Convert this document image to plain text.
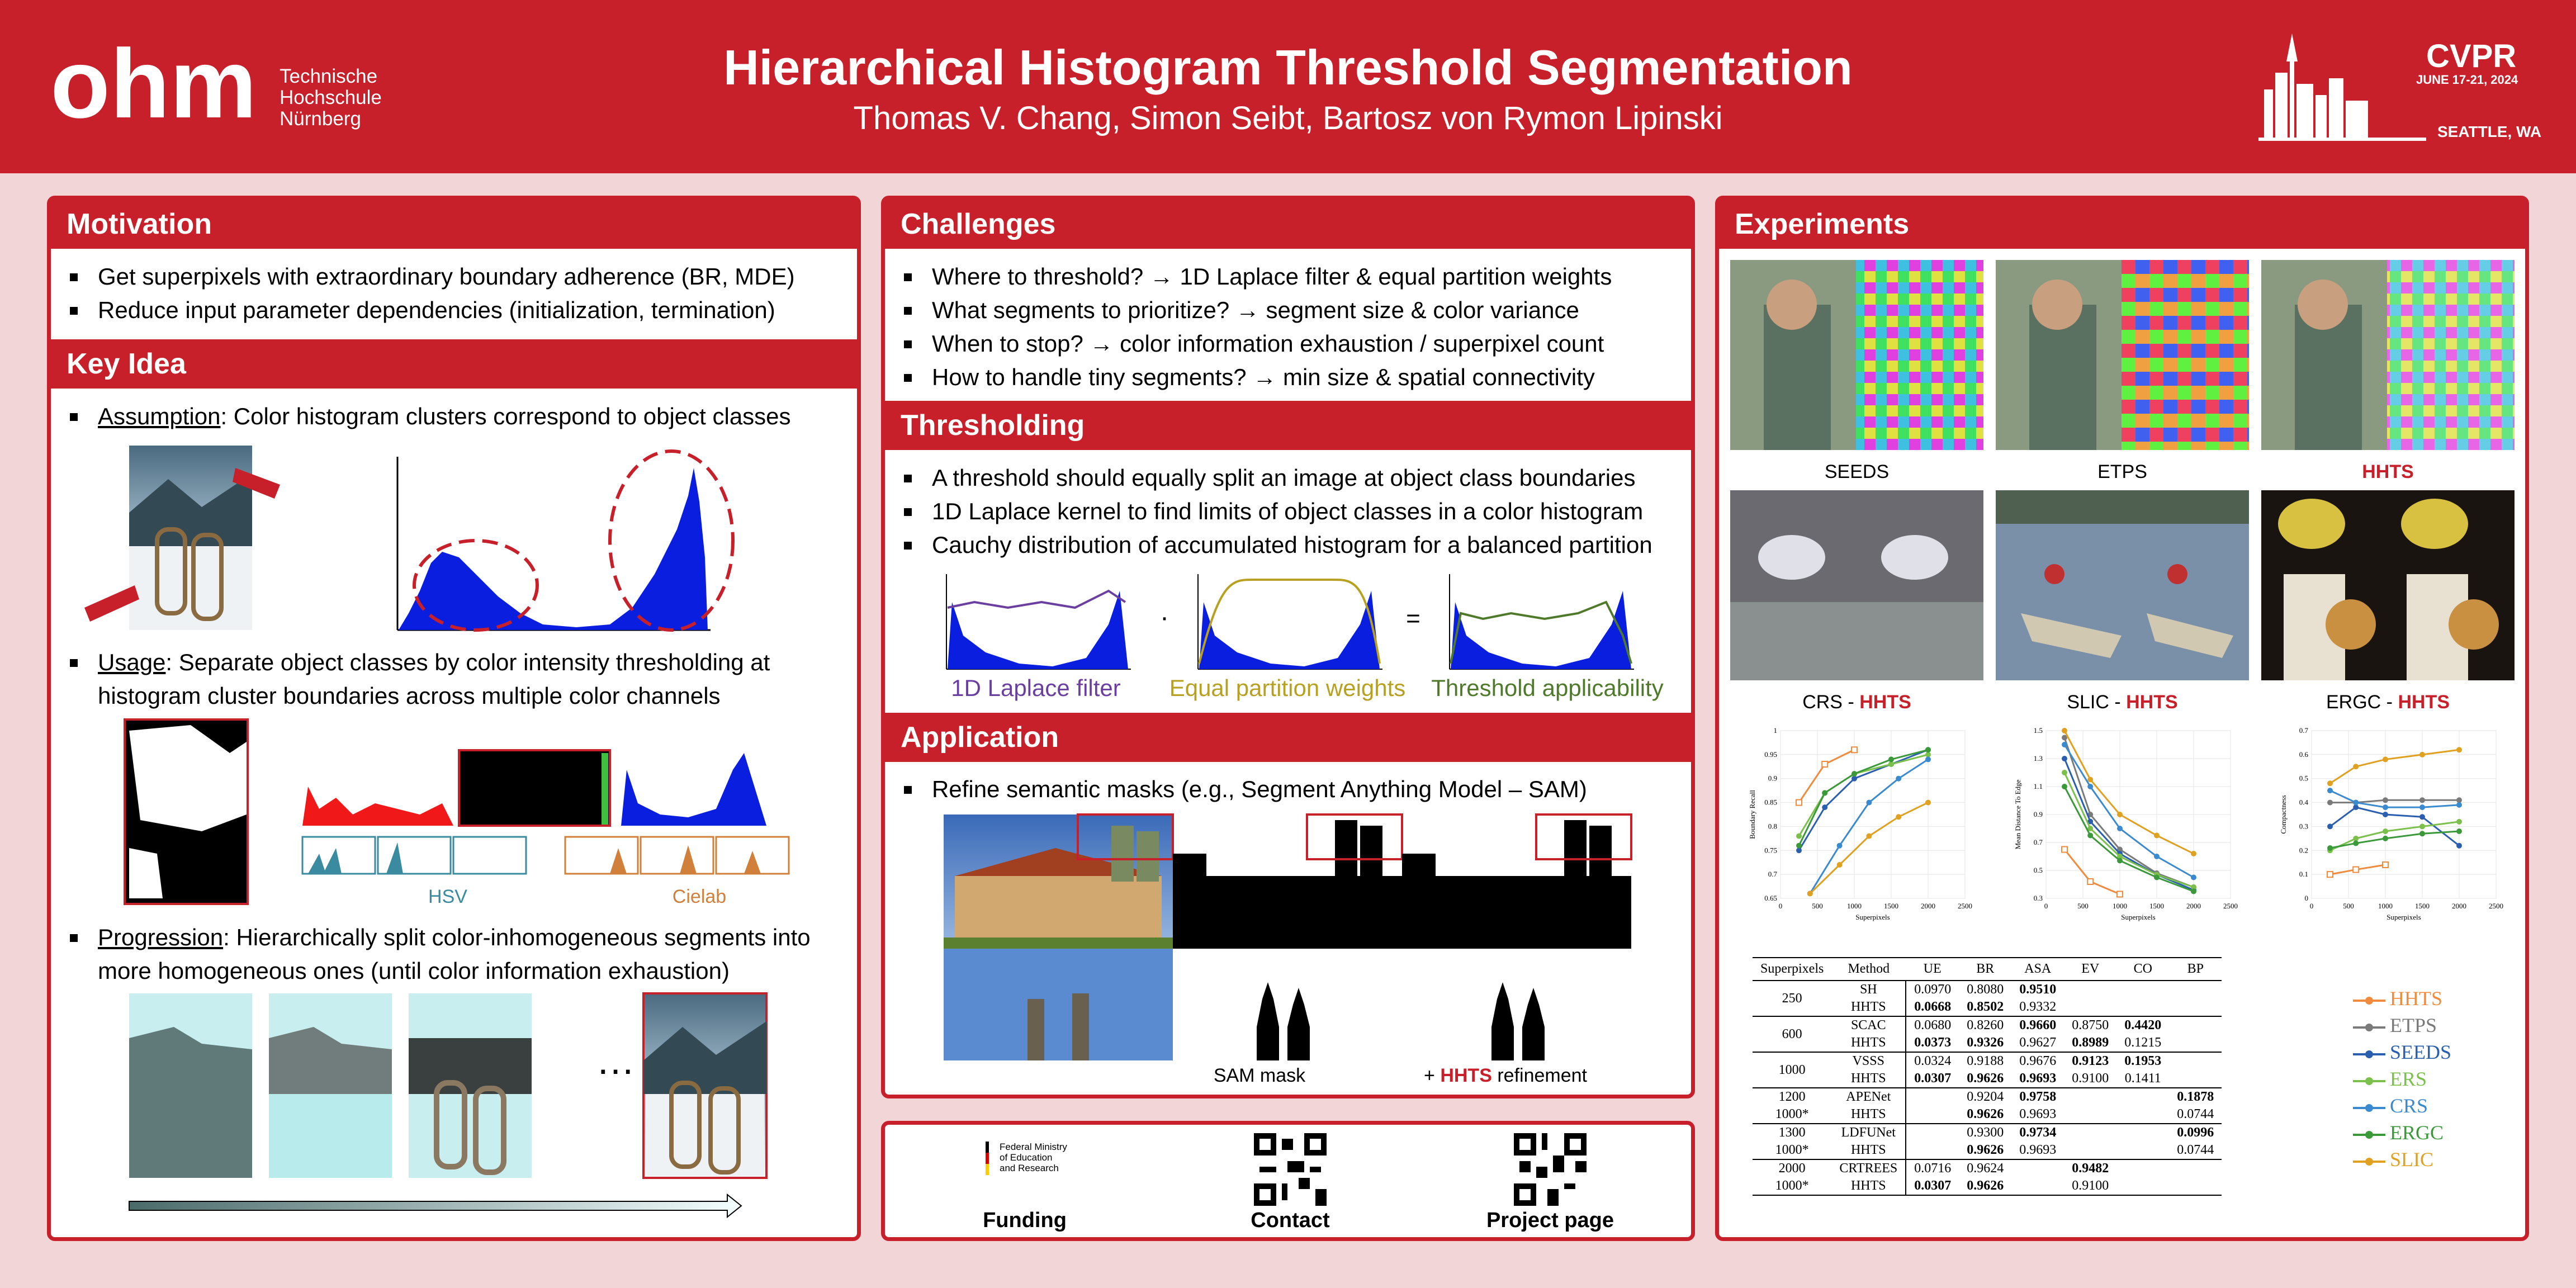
ohm Technische
Hochschule
Nürnberg
Hierarchical Histogram Threshold Segmentation
Thomas V. Chang, Simon Seibt, Bartosz von Rymon Lipinski
CVPR
JUNE 17-21, 2024
SEATTLE, WA
Motivation
Get superpixels with extraordinary boundary adherence (BR, MDE)
Reduce input parameter dependencies (initialization, termination)
Key Idea
Assumption: Color histogram clusters correspond to object classes
Usage: Separate object classes by color intensity thresholding at histogram cluster boundaries across multiple color channels
HSV	Cielab
Progression: Hierarchically split color-inhomogeneous segments into more homogeneous ones (until color information exhaustion)
…
Challenges
Where to threshold? → 1D Laplace filter & equal partition weights
What segments to prioritize? → segment size & color variance
When to stop? → color information exhaustion / superpixel count
How to handle tiny segments? → min size & spatial connectivity
Thresholding
A threshold should equally split an image at object class boundaries
1D Laplace kernel to find limits of object classes in a color histogram
Cauchy distribution of accumulated histogram for a balanced partition
·	=
1D Laplace filter	Equal partition weights	Threshold applicability
Application
Refine semantic masks (e.g., Segment Anything Model – SAM)
SAM mask	+ HHTS refinement
Federal Ministry
of Education
and Research
Funding	Contact	Project page
Experiments
SEEDS	ETPS	HHTS
CRS - HHTS	SLIC - HHTS	ERGC - HHTS
0	500	1000	1500	2000	2500
0.65
0.7
0.75
0.8
0.85
0.9
0.95
1
Superpixels
Boundary Recall
0	500	1000	1500	2000	2500
0.3
0.5
0.7
0.9
1.1
1.3
1.5
Superpixels
Mean Distance To Edge
0	500	1000	1500	2000	2500
0
0.1
0.2
0.3
0.4
0.5
0.6
0.7
Superpixels
Compactness
Superpixels	Method	UE	BR	ASA	EV	CO	BP
250	SH	0.0970	0.8080	0.9510			
	HHTS	0.0668	0.8502	0.9332			
600	SCAC	0.0680	0.8260	0.9660	0.8750	0.4420	
	HHTS	0.0373	0.9326	0.9627	0.8989	0.1215	
1000	VSSS	0.0324	0.9188	0.9676	0.9123	0.1953	
	HHTS	0.0307	0.9626	0.9693	0.9100	0.1411	
1200	APENet		0.9204	0.9758			0.1878
1000*	HHTS		0.9626	0.9693			0.0744
1300	LDFUNet		0.9300	0.9734			0.0996
1000*	HHTS		0.9626	0.9693			0.0744
2000	CRTREES	0.0716	0.9624		0.9482		
1000*	HHTS	0.0307	0.9626		0.9100		
HHTS
ETPS
SEEDS
ERS
CRS
ERGC
SLIC
